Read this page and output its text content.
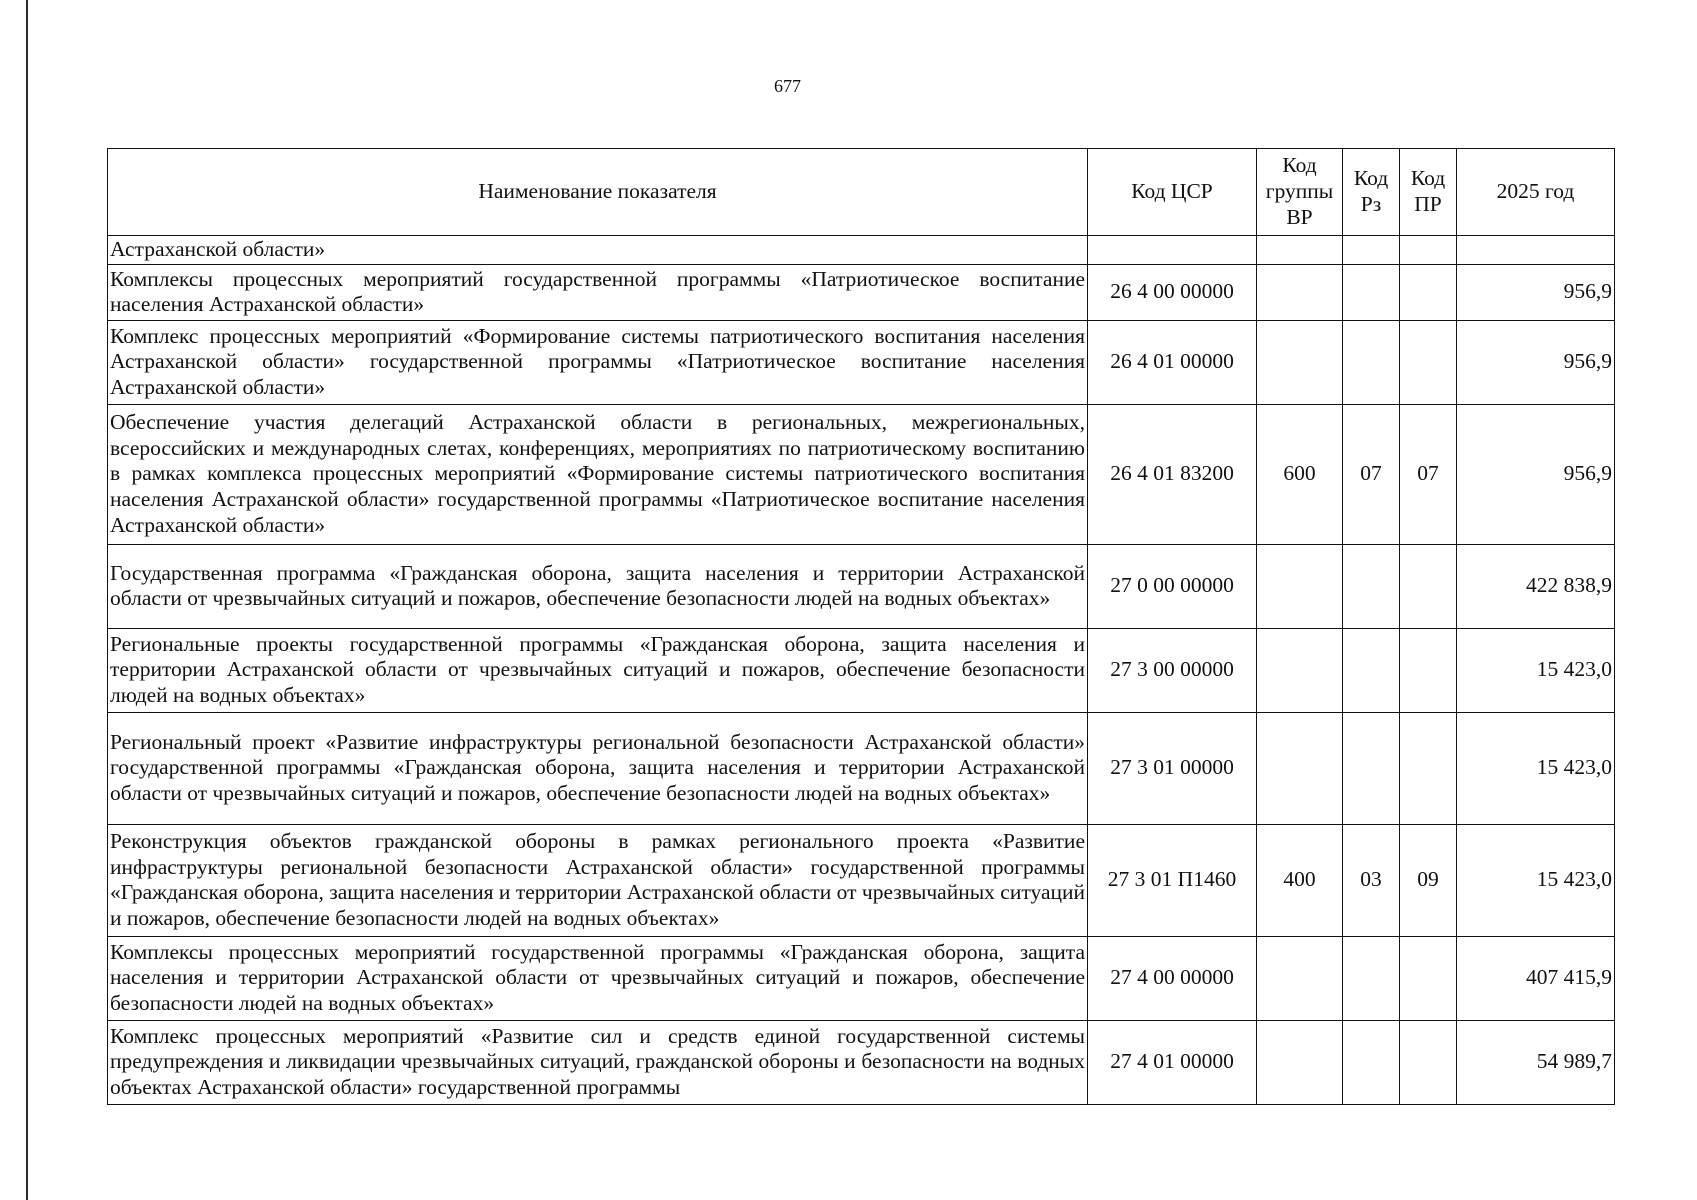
677
Наименование показателя	Код ЦСР	Код группы ВР	Код Рз	Код ПР	2025 год
Астраханской области»					
Комплексы процессных мероприятий государственной программы «Патриотическое воспитание населения Астраханской области»	26 4 00 00000				956,9
Комплекс процессных мероприятий «Формирование системы патриотического воспитания населения Астраханской области» государственной программы «Патриотическое воспитание населения Астраханской области»	26 4 01 00000				956,9
Обеспечение участия делегаций Астраханской области в региональных, межрегиональных, всероссийских и международных слетах, конференциях, мероприятиях по патриотическому воспитанию в рамках комплекса процессных мероприятий «Формирование системы патриотического воспитания населения Астраханской области» государственной программы «Патриотическое воспитание населения Астраханской области»	26 4 01 83200	600	07	07	956,9
Государственная программа «Гражданская оборона, защита населения и территории Астраханской области от чрезвычайных ситуаций и пожаров, обеспечение безопасности людей на водных объектах»	27 0 00 00000				422 838,9
Региональные проекты государственной программы «Гражданская оборона, защита населения и территории Астраханской области от чрезвычайных ситуаций и пожаров, обеспечение безопасности людей на водных объектах»	27 3 00 00000				15 423,0
Региональный проект «Развитие инфраструктуры региональной безопасности Астраханской области» государственной программы «Гражданская оборона, защита населения и территории Астраханской области от чрезвычайных ситуаций и пожаров, обеспечение безопасности людей на водных объектах»	27 3 01 00000				15 423,0
Реконструкция объектов гражданской обороны в рамках регионального проекта «Развитие инфраструктуры региональной безопасности Астраханской области» государственной программы «Гражданская оборона, защита населения и территории Астраханской области от чрезвычайных ситуаций и пожаров, обеспечение безопасности людей на водных объектах»	27 3 01 П1460	400	03	09	15 423,0
Комплексы процессных мероприятий государственной программы «Гражданская оборона, защита населения и территории Астраханской области от чрезвычайных ситуаций и пожаров, обеспечение безопасности людей на водных объектах»	27 4 00 00000				407 415,9
Комплекс процессных мероприятий «Развитие сил и средств единой государственной системы предупреждения и ликвидации чрезвычайных ситуаций, гражданской обороны и безопасности на водных объектах Астраханской области» государственной программы	27 4 01 00000				54 989,7
